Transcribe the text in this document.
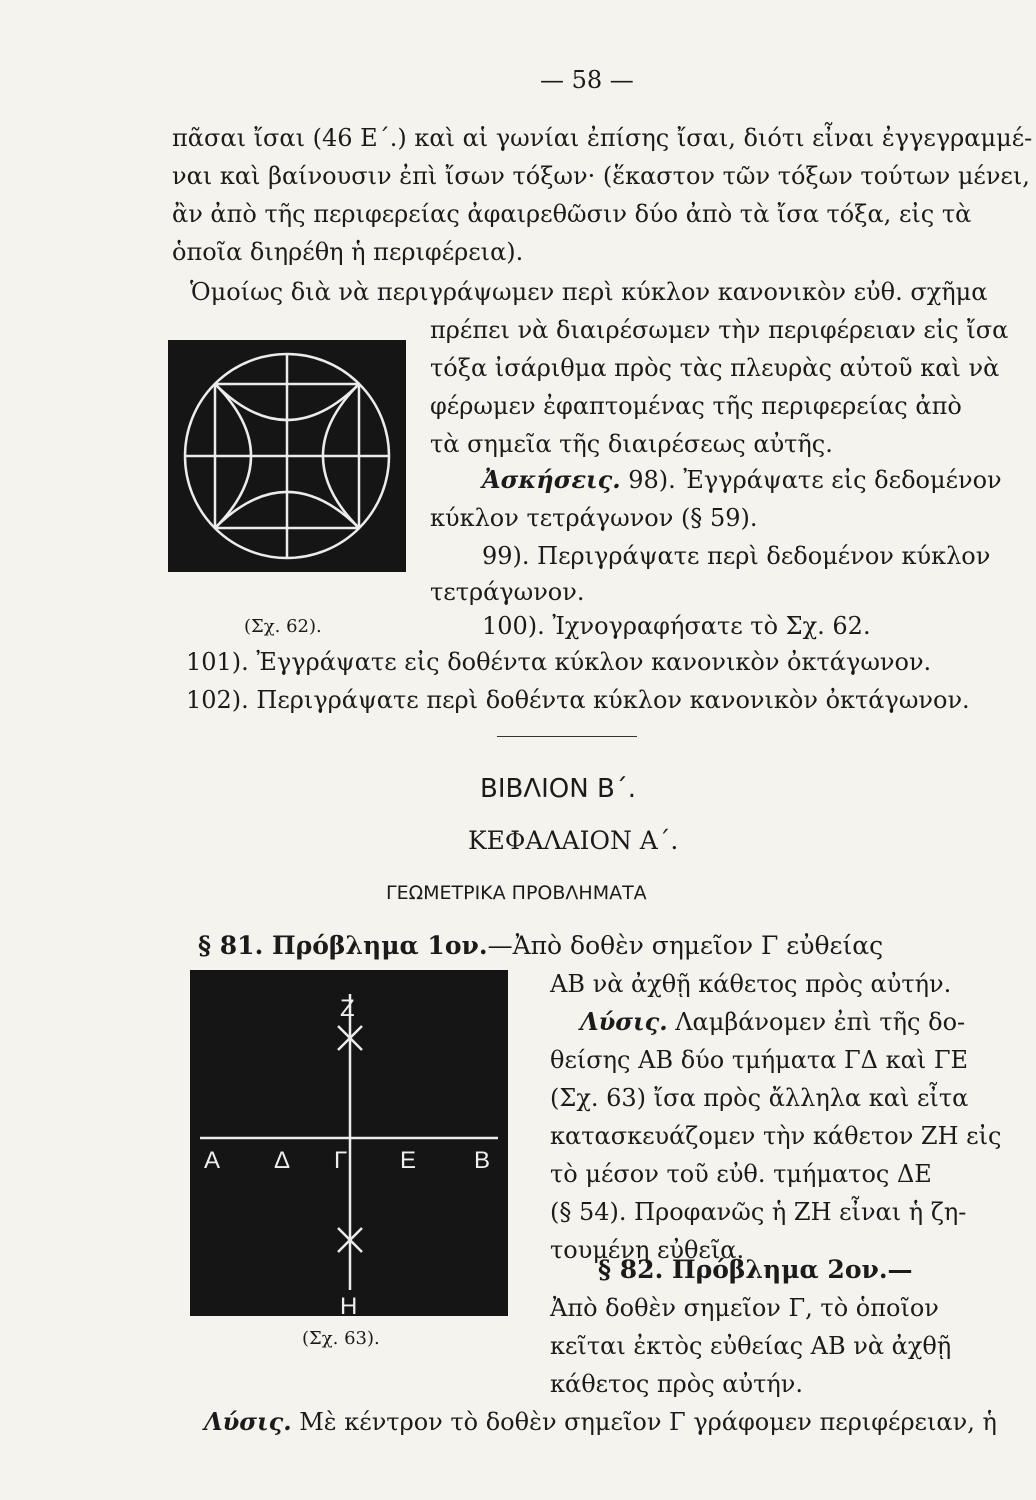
— 58 —
πᾶσαι ἴσαι (46 Ε΄.) καὶ αἱ γωνίαι ἐπίσης ἴσαι, διότι εἶναι ἐγγεγραμμέ-
ναι καὶ βαίνουσιν ἐπὶ ἴσων τόξων· (ἕκαστον τῶν τόξων τούτων μένει,
ἂν ἀπὸ τῆς περιφερείας ἀφαιρεθῶσιν δύο ἀπὸ τὰ ἴσα τόξα, εἰς τὰ
ὁποῖα διηρέθη ἡ περιφέρεια).
Ὁμοίως διὰ νὰ περιγράψωμεν περὶ κύκλον κανονικὸν εὐθ. σχῆμα
πρέπει νὰ διαιρέσωμεν τὴν περιφέρειαν εἰς ἴσα
τόξα ἰσάριθμα πρὸς τὰς πλευρὰς αὐτοῦ καὶ νὰ
φέρωμεν ἐφαπτομένας τῆς περιφερείας ἀπὸ
τὰ σημεῖα τῆς διαιρέσεως αὐτῆς.
Ἀσκήσεις. 98). Ἐγγράψατε εἰς δεδομένον
κύκλον τετράγωνον (§ 59).
99). Περιγράψατε περὶ δεδομένον κύκλον
τετράγωνον.
(Σχ. 62).	100). Ἰχνογραφήσατε τὸ Σχ. 62.
101). Ἐγγράψατε εἰς δοθέντα κύκλον κανονικὸν ὀκτάγωνον.
102). Περιγράψατε περὶ δοθέντα κύκλον κανονικὸν ὀκτάγωνον.
ΒΙΒΛΙΟΝ Β΄.
ΚΕΦΑΛΑΙΟΝ Α΄.
ΓΕΩΜΕΤΡΙΚΑ ΠΡΟΒΛΗΜΑΤΑ
§ 81. Πρόβλημα 1ον.—Ἀπὸ δοθὲν σημεῖον Γ εὐθείας
ΑΒ νὰ ἀχθῇ κάθετος πρὸς αὐτήν.
Λύσις. Λαμβάνομεν ἐπὶ τῆς δο-
θείσης ΑΒ δύο τμήματα ΓΔ καὶ ΓΕ
(Σχ. 63) ἴσα πρὸς ἄλληλα καὶ εἶτα
κατασκευάζομεν τὴν κάθετον ΖΗ εἰς
τὸ μέσον τοῦ εὐθ. τμήματος ΔΕ
(§ 54). Προφανῶς ἡ ΖΗ εἶναι ἡ ζη-
τουμένη εὐθεῖα.
Ζ
Η
Α Δ Γ Ε Β
(Σχ. 63).
§ 82. Πρόβλημα 2ον.—
Ἀπὸ δοθὲν σημεῖον Γ, τὸ ὁποῖον
κεῖται ἐκτὸς εὐθείας ΑΒ νὰ ἀχθῇ
κάθετος πρὸς αὐτήν.
Λύσις. Μὲ κέντρον τὸ δοθὲν σημεῖον Γ γράφομεν περιφέρειαν, ἡ
